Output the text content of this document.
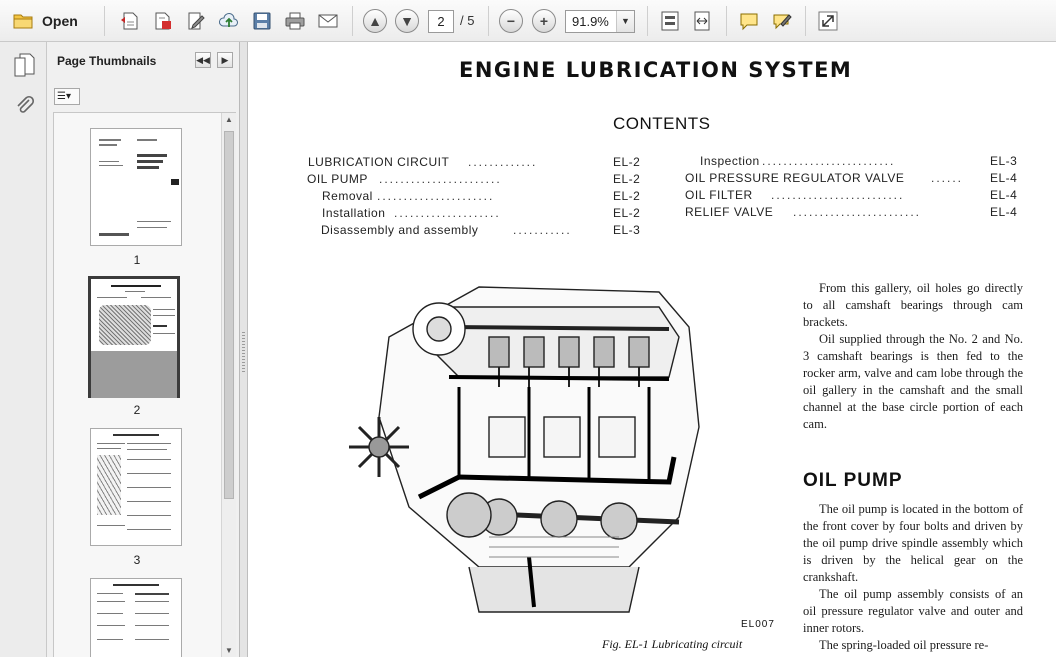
Open	▲	▼	2	/ 5	−	+	91.9%	▼
Page Thumbnails	◀◀	▶
☰▾
1
2
3
▲
▼
ENGINE LUBRICATION SYSTEM
CONTENTS
LUBRICATION CIRCUIT .............	EL-2
OIL PUMP .......................	EL-2
Removal ......................	EL-2
Installation ....................	EL-2
Disassembly and assembly	...........	EL-3
Inspection .........................	EL-3
OIL PRESSURE REGULATOR VALVE ...... EL-4
OIL FILTER .........................	EL-4
RELIEF VALVE ........................	EL-4
EL007
Fig. EL-1 Lubricating circuit
From this gallery, oil holes go directly to all camshaft bearings through cam brackets.
Oil supplied through the No. 2 and No. 3 camshaft bearings is then fed to the rocker arm, valve and cam lobe through the oil gallery in the camshaft and the small channel at the base circle portion of each cam.
OIL PUMP
The oil pump is located in the bottom of the front cover by four bolts and driven by the oil pump drive spindle assembly which is driven by the helical gear on the crankshaft.
The oil pump assembly consists of an oil pressure regulator valve and outer and inner rotors.
The spring-loaded oil pressure re-
